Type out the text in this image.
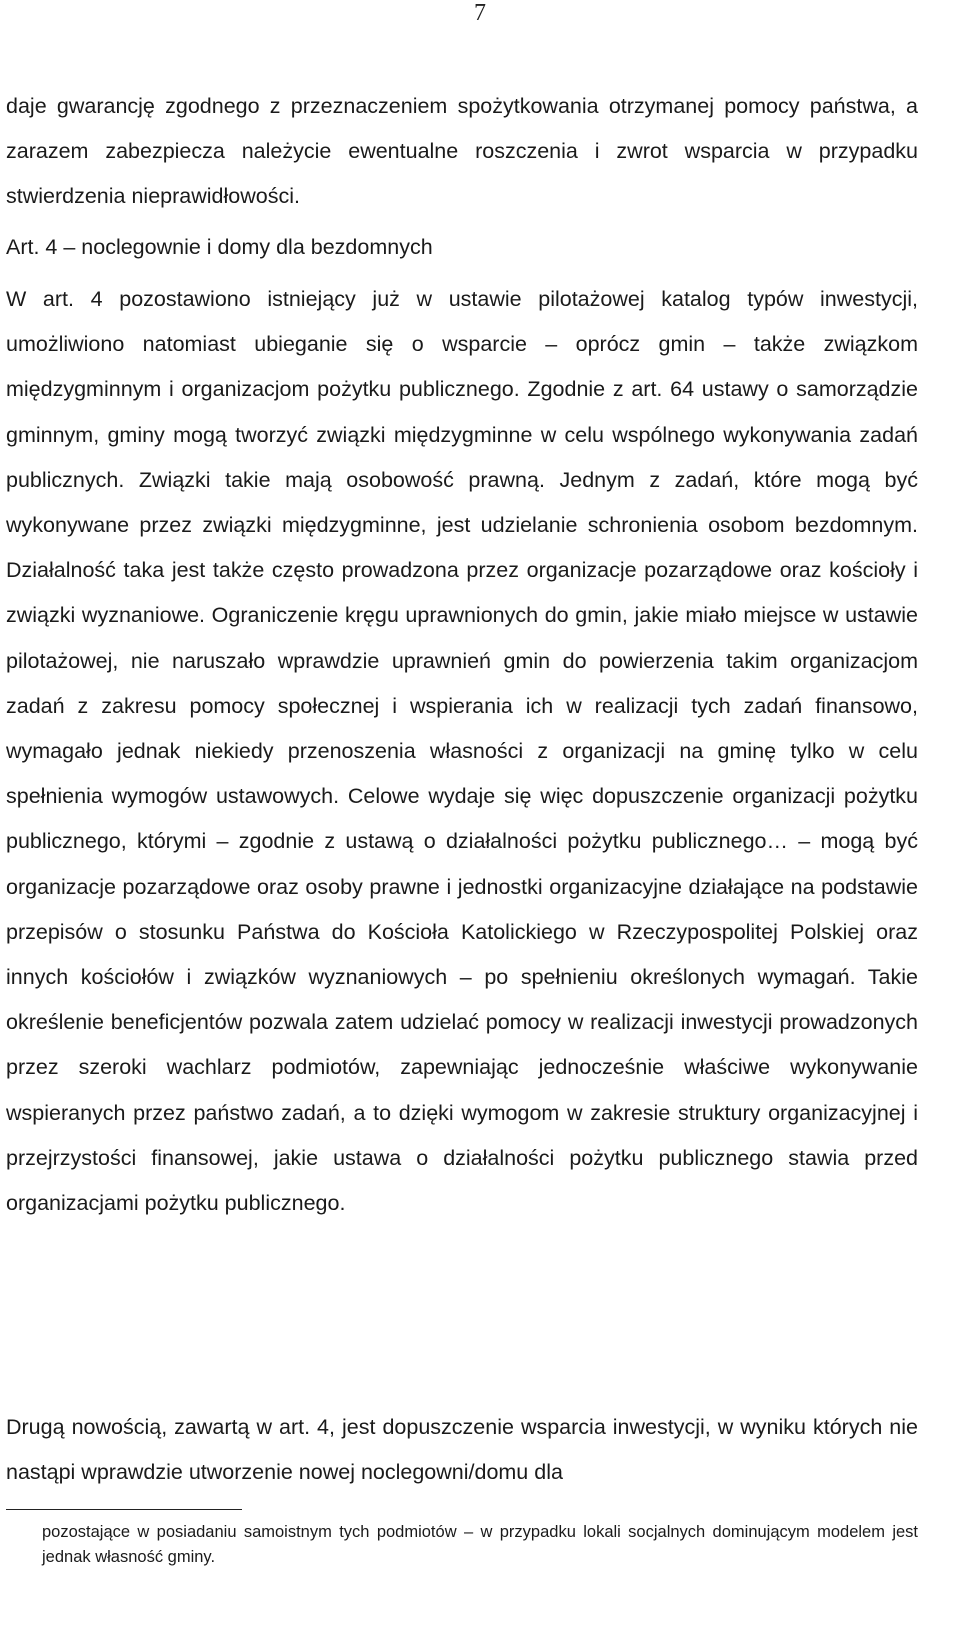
7

daje gwarancję zgodnego z przeznaczeniem spożytkowania otrzymanej pomocy państwa, a zarazem zabezpiecza należycie ewentualne roszczenia i zwrot wsparcia w przypadku stwierdzenia nieprawidłowości.

Art. 4 – noclegownie i domy dla bezdomnych

W art. 4 pozostawiono istniejący już w ustawie pilotażowej katalog typów inwestycji, umożliwiono natomiast ubieganie się o wsparcie – oprócz gmin – także związkom międzygminnym i organizacjom pożytku publicznego. Zgodnie z art. 64 ustawy o samorządzie gminnym, gminy mogą tworzyć związki międzygminne w celu wspólnego wykonywania zadań publicznych. Związki takie mają osobowość prawną. Jednym z zadań, które mogą być wykonywane przez związki międzygminne, jest udzielanie schronienia osobom bezdomnym. Działalność taka jest także często prowadzona przez organizacje pozarządowe oraz kościoły i związki wyznaniowe. Ograniczenie kręgu uprawnionych do gmin, jakie miało miejsce w ustawie pilotażowej, nie naruszało wprawdzie uprawnień gmin do powierzenia takim organizacjom zadań z zakresu pomocy społecznej i wspierania ich w realizacji tych zadań finansowo, wymagało jednak niekiedy przenoszenia własności z organizacji na gminę tylko w celu spełnienia wymogów ustawowych. Celowe wydaje się więc dopuszczenie organizacji pożytku publicznego, którymi – zgodnie z ustawą o działalności pożytku publicznego… – mogą być organizacje pozarządowe oraz osoby prawne i jednostki organizacyjne działające na podstawie przepisów o stosunku Państwa do Kościoła Katolickiego w Rzeczypospolitej Polskiej oraz innych kościołów i związków wyznaniowych – po spełnieniu określonych wymagań. Takie określenie beneficjentów pozwala zatem udzielać pomocy w realizacji inwestycji prowadzonych przez szeroki wachlarz podmiotów, zapewniając jednocześnie właściwe wykonywanie wspieranych przez państwo zadań, a to dzięki wymogom w zakresie struktury organizacyjnej i przejrzystości finansowej, jakie ustawa o działalności pożytku publicznego stawia przed organizacjami pożytku publicznego.

Drugą nowością, zawartą w art. 4, jest dopuszczenie wsparcia inwestycji, w wyniku których nie nastąpi wprawdzie utworzenie nowej noclegowni/domu dla

pozostające w posiadaniu samoistnym tych podmiotów – w przypadku lokali socjalnych dominującym modelem jest jednak własność gminy.
